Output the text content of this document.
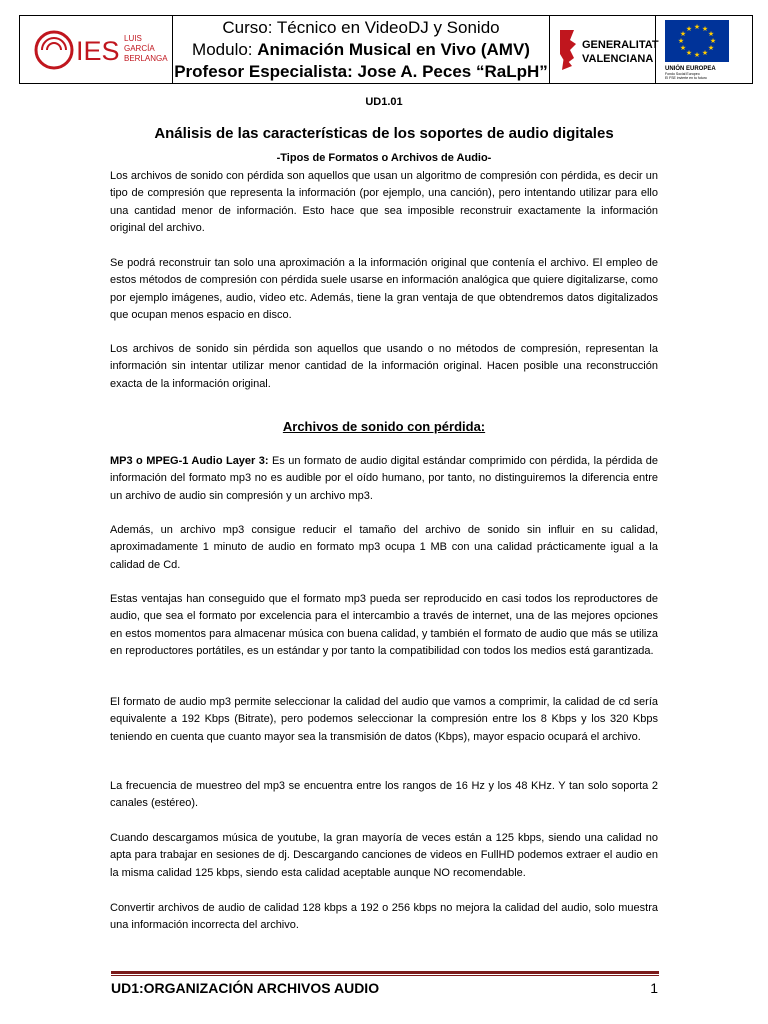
IES LUIS
GARCÍA
BERLANGA
Curso: Técnico en VideoDJ y Sonido
Modulo: Animación Musical en Vivo (AMV)
Profesor Especialista: Jose A. Peces “RaLpH”
GENERALITAT
VALENCIANA
★ ★
★
★
★
★
★
★
★
★
★
★
UNIÓN EUROPEA
Fondo Social Europeo
El FSE invierte en tu futuro
UD1.01
Análisis de las características de los soportes de audio digitales
-Tipos de Formatos o Archivos de Audio-

Los archivos de sonido con pérdida son aquellos que usan un algoritmo de compresión con pérdida, es decir un tipo de compresión que representa la información (por ejemplo, una canción), pero intentando utilizar para ello una cantidad menor de información. Esto hace que sea imposible reconstruir exactamente la información original del archivo.

Se podrá reconstruir tan solo una aproximación a la información original que contenía el archivo. El empleo de estos métodos de compresión con pérdida suele usarse en información analógica que quiere digitalizarse, como por ejemplo imágenes, audio, video etc. Además, tiene la gran ventaja de que obtendremos datos digitalizados que ocupan menos espacio en disco.

Los archivos de sonido sin pérdida son aquellos que usando o no métodos de compresión, representan la información sin intentar utilizar menor cantidad de la información original. Hacen posible una reconstrucción exacta de la información original.

Archivos de sonido con pérdida:

MP3 o MPEG-1 Audio Layer 3: Es un formato de audio digital estándar comprimido con pérdida, la pérdida de información del formato mp3 no es audible por el oído humano, por tanto, no distinguiremos la diferencia entre un archivo de audio sin compresión y un archivo mp3.

Además, un archivo mp3 consigue reducir el tamaño del archivo de sonido sin influir en su calidad, aproximadamente 1 minuto de audio en formato mp3 ocupa 1 MB con una calidad prácticamente igual a la calidad de Cd.

Estas ventajas han conseguido que el formato mp3 pueda ser reproducido en casi todos los reproductores de audio, que sea el formato por excelencia para el intercambio a través de internet, una de las mejores opciones en estos momentos para almacenar música con buena calidad, y también el formato de audio que más se utiliza en reproductores portátiles, es un estándar y por tanto la compatibilidad con todos los medios está garantizada.

El formato de audio mp3 permite seleccionar la calidad del audio que vamos a comprimir, la calidad de cd sería equivalente a 192 Kbps (Bitrate), pero podemos seleccionar la compresión entre los 8 Kbps y los 320 Kbps teniendo en cuenta que cuanto mayor sea la transmisión de datos (Kbps), mayor espacio ocupará el archivo.

La frecuencia de muestreo del mp3 se encuentra entre los rangos de 16 Hz y los 48 KHz. Y tan solo soporta 2 canales (estéreo).

Cuando descargamos música de youtube, la gran mayoría de veces están a 125 kbps, siendo una calidad no apta para trabajar en sesiones de dj. Descargando canciones de videos en FullHD podemos extraer el audio en la misma calidad 125 kbps, siendo esta calidad aceptable aunque NO recomendable.

Convertir archivos de audio de calidad 128 kbps a 192 o 256 kbps no mejora la calidad del audio, solo muestra una información incorrecta del archivo.

UD1:ORGANIZACIÓN ARCHIVOS AUDIO	1
